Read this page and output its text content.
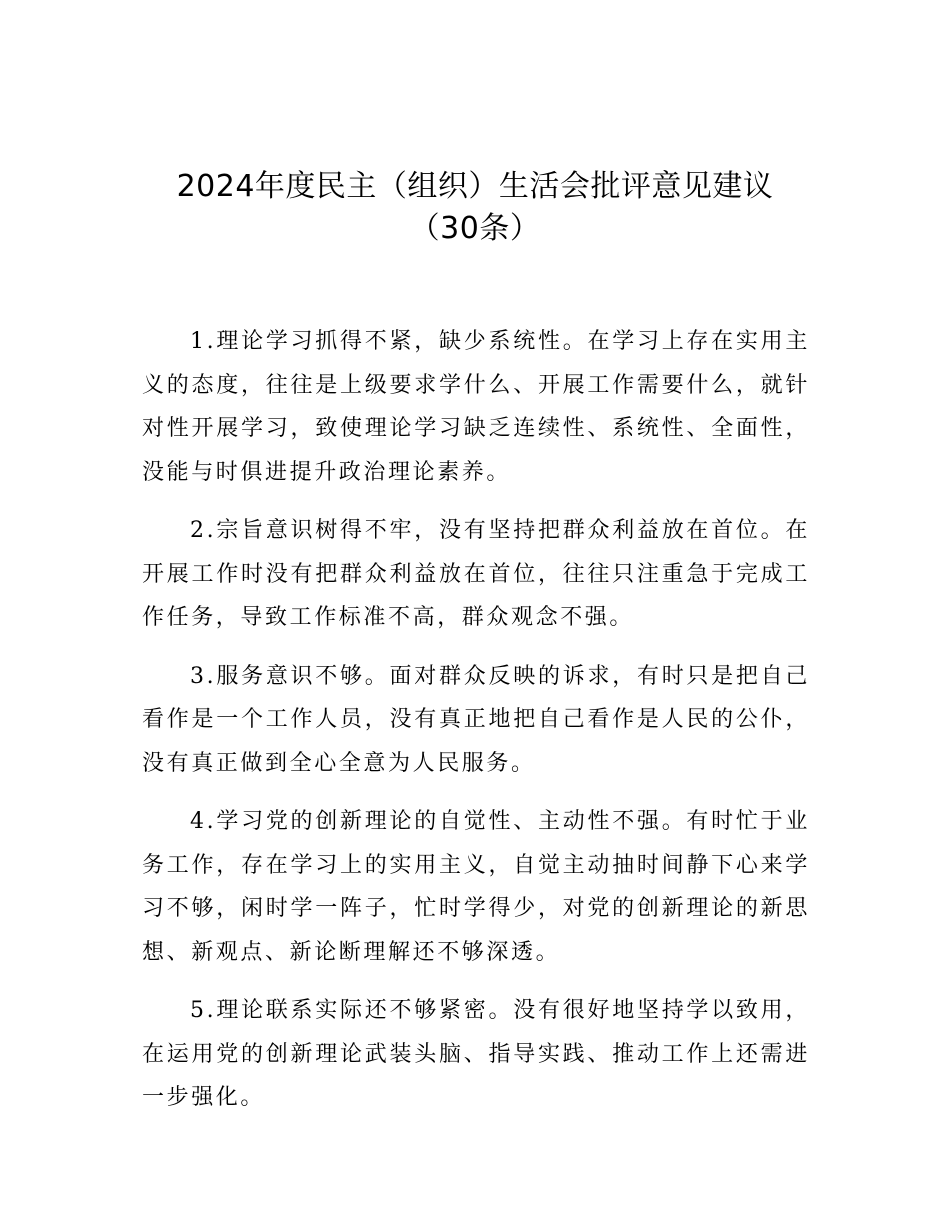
2024年度民主（组织）生活会批评意见建议
（30条）

1.理论学习抓得不紧，缺少系统性。在学习上存在实用主义的态度，往往是上级要求学什么、开展工作需要什么，就针对性开展学习，致使理论学习缺乏连续性、系统性、全面性，没能与时俱进提升政治理论素养。

2.宗旨意识树得不牢，没有坚持把群众利益放在首位。在开展工作时没有把群众利益放在首位，往往只注重急于完成工作任务，导致工作标准不高，群众观念不强。

3.服务意识不够。面对群众反映的诉求，有时只是把自己看作是一个工作人员，没有真正地把自己看作是人民的公仆，没有真正做到全心全意为人民服务。

4.学习党的创新理论的自觉性、主动性不强。有时忙于业务工作，存在学习上的实用主义，自觉主动抽时间静下心来学习不够，闲时学一阵子，忙时学得少，对党的创新理论的新思想、新观点、新论断理解还不够深透。

5.理论联系实际还不够紧密。没有很好地坚持学以致用，在运用党的创新理论武装头脑、指导实践、推动工作上还需进一步强化。
